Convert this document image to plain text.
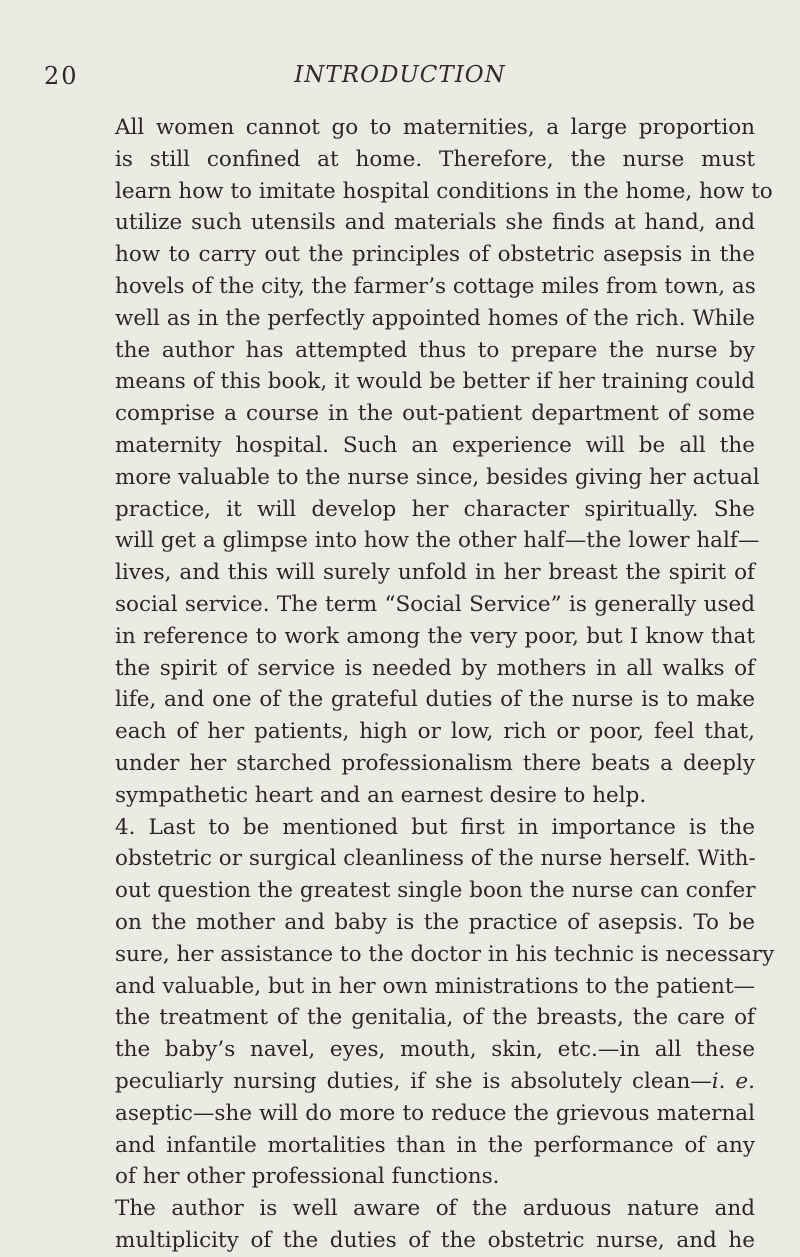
20	INTRODUCTION
All women cannot go to maternities, a large proportion
is still confined at home. Therefore, the nurse must
learn how to imitate hospital conditions in the home, how to
utilize such utensils and materials she finds at hand, and
how to carry out the principles of obstetric asepsis in the
hovels of the city, the farmer’s cottage miles from town, as
well as in the perfectly appointed homes of the rich. While
the author has attempted thus to prepare the nurse by
means of this book, it would be better if her training could
comprise a course in the out-patient department of some
maternity hospital. Such an experience will be all the
more valuable to the nurse since, besides giving her actual
practice, it will develop her character spiritually. She
will get a glimpse into how the other half—the lower half—
lives, and this will surely unfold in her breast the spirit of
social service. The term “Social Service” is generally used
in reference to work among the very poor, but I know that
the spirit of service is needed by mothers in all walks of
life, and one of the grateful duties of the nurse is to make
each of her patients, high or low, rich or poor, feel that,
under her starched professionalism there beats a deeply
sympathetic heart and an earnest desire to help.
4. Last to be mentioned but first in importance is the
obstetric or surgical cleanliness of the nurse herself. With-
out question the greatest single boon the nurse can confer
on the mother and baby is the practice of asepsis. To be
sure, her assistance to the doctor in his technic is necessary
and valuable, but in her own ministrations to the patient—
the treatment of the genitalia, of the breasts, the care of
the baby’s navel, eyes, mouth, skin, etc.—in all these
peculiarly nursing duties, if she is absolutely clean—i. e.
aseptic—she will do more to reduce the grievous maternal
and infantile mortalities than in the performance of any
of her other professional functions.
The author is well aware of the arduous nature and
multiplicity of the duties of the obstetric nurse, and he
